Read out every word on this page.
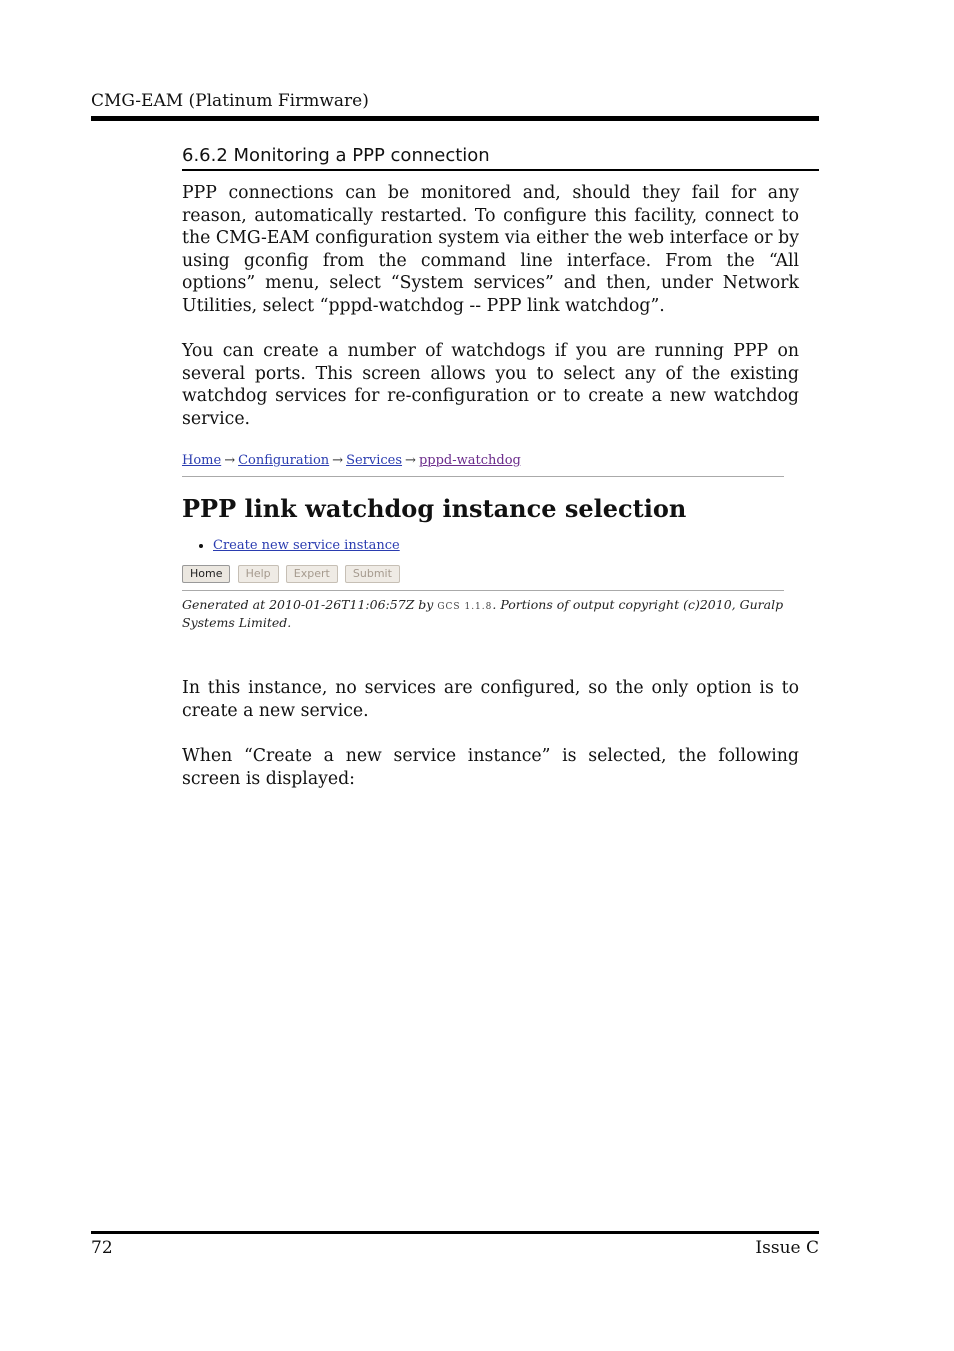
CMG-EAM (Platinum Firmware)
6.6.2 Monitoring a PPP connection

PPP connections can be monitored and, should they fail for any reason, automatically restarted. To configure this facility, connect to the CMG-EAM configuration system via either the web interface or by using gconfig from the command line interface. From the “All options” menu, select “System services” and then, under Network Utilities, select “pppd-watchdog -- PPP link watchdog”.

You can create a number of watchdogs if you are running PPP on several ports. This screen allows you to select any of the existing watchdog services for re-configuration or to create a new watchdog service.

Home → Configuration → Services → pppd-watchdog
PPP link watchdog instance selection
• Create new service instance
Home Help Expert Submit
Generated at 2010-01-26T11:06:57Z by GCS 1.1.8. Portions of output copyright (c)2010, Guralp Systems Limited.

In this instance, no services are configured, so the only option is to create a new service.

When “Create a new service instance” is selected, the following screen is displayed:

72	Issue C
